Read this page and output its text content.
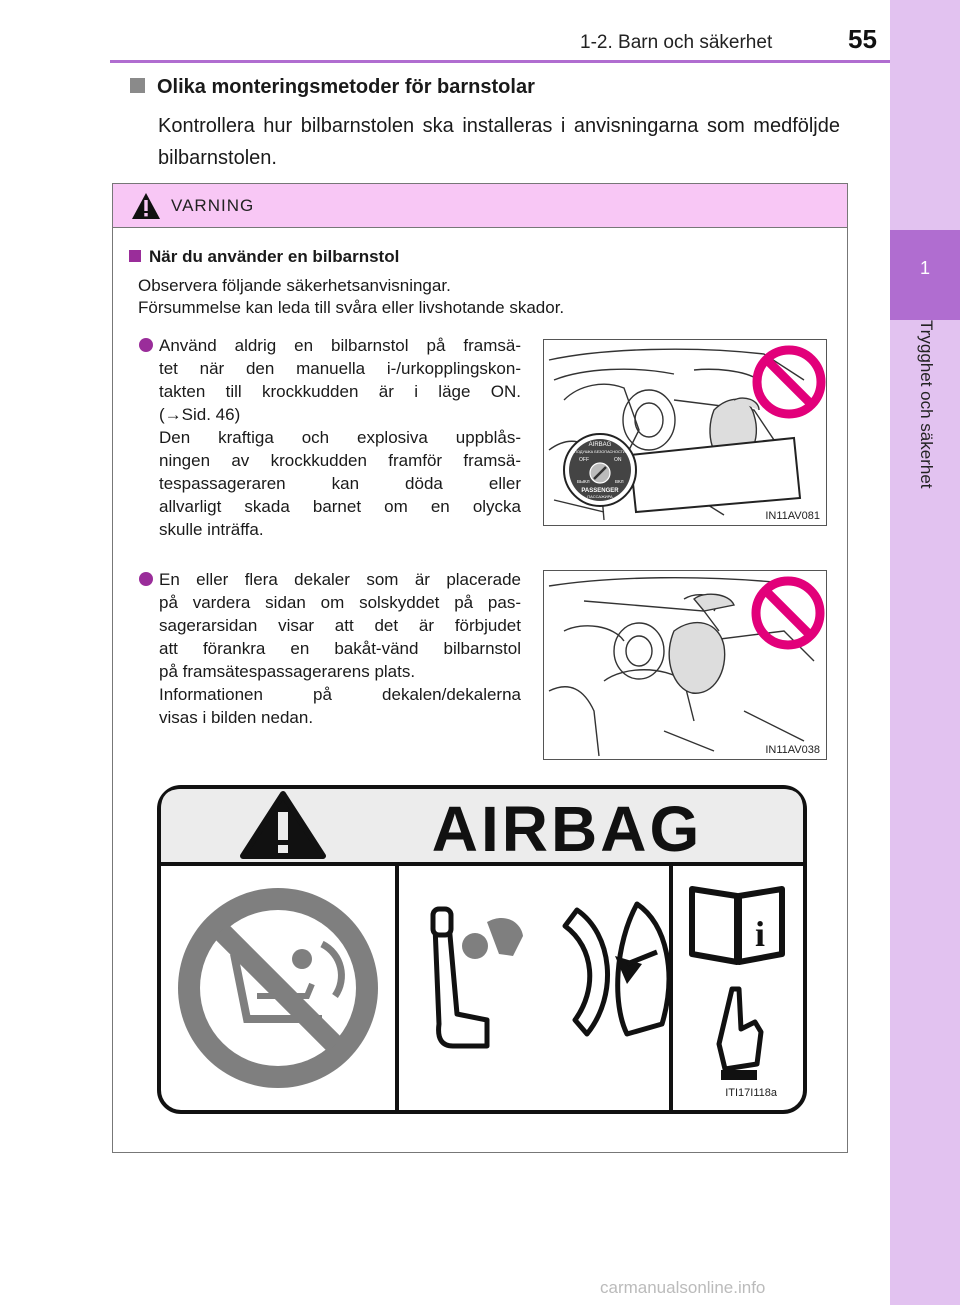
1-2. Barn och säkerhet	55
1
Trygghet och säkerhet
Olika monteringsmetoder för barnstolar
Kontrollera hur bilbarnstolen ska installeras i anvisningarna som medföljde bilbarnstolen.
VARNING
När du använder en bilbarnstol
Observera följande säkerhetsanvisningar.
Försummelse kan leda till svåra eller livshotande skador.
Använd aldrig en bilbarnstol på framsä-
tet när den manuella i-/urkopplingskon-
takten till krockkudden är i läge ON.
(→Sid. 46)
Den kraftiga och explosiva uppblås-
ningen av krockkudden framför framsä-
tespassageraren kan döda eller
allvarligt skada barnet om en olycka
skulle inträffa.
AIRBAG
ПОДУШКА БЕЗОПАСНОСТИ
OFF	ON
ВЫКЛ	ВКЛ
PASSENGER
ПАССАЖИРА
IN11AV081
En eller flera dekaler som är placerade
på vardera sidan om solskyddet på pas-
sagerarsidan visar att det är förbjudet
att förankra en bakåt-vänd bilbarnstol
på framsätespassagerarens plats.
Informationen på dekalen/dekalerna
visas i bilden nedan.
IN11AV038
AIRBAG
i
ITI17I118a
carmanualsonline.info
